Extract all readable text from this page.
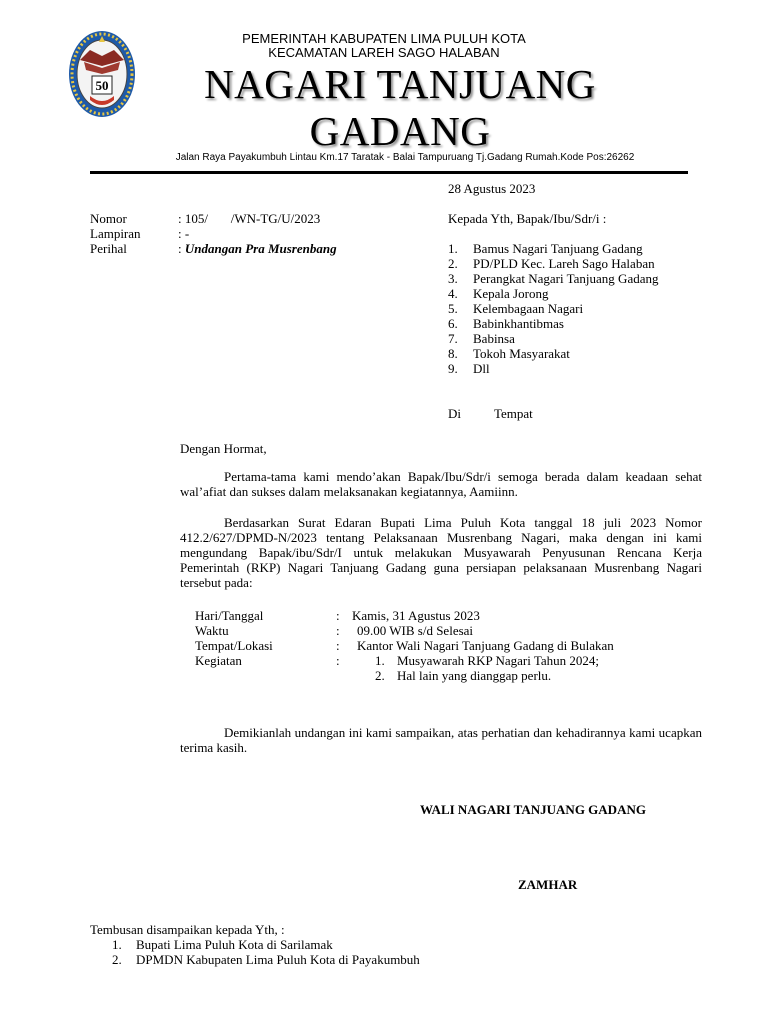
50
PEMERINTAH KABUPATEN LIMA PULUH KOTA
KECAMATAN LAREH SAGO HALABAN
NAGARI TANJUANG
GADANG
Jalan Raya Payakumbuh Lintau Km.17 Taratak - Balai Tampuruang Tj.Gadang Rumah.Kode Pos:26262
28 Agustus 2023
Nomor	: 105/       /WN-TG/U/2023
Lampiran	: -
Perihal	: Undangan Pra Musrenbang
Kepada Yth, Bapak/Ibu/Sdr/i :
1. Bamus Nagari Tanjuang Gadang
2. PD/PLD Kec. Lareh Sago Halaban
3. Perangkat Nagari Tanjuang Gadang
4. Kepala Jorong
5. Kelembagaan Nagari
6. Babinkhantibmas
7. Babinsa
8. Tokoh Masyarakat
9. Dll
Di	Tempat
Dengan Hormat,
Pertama-tama kami mendo’akan Bapak/Ibu/Sdr/i semoga berada dalam keadaan sehat wal’afiat dan sukses dalam melaksanakan kegiatannya, Aamiinn.
Berdasarkan Surat Edaran Bupati Lima Puluh Kota tanggal 18 juli 2023 Nomor 412.2/627/DPMD-N/2023 tentang Pelaksanaan Musrenbang Nagari, maka dengan ini kami mengundang Bapak/ibu/Sdr/I untuk melakukan Musyawarah Penyusunan Rencana Kerja Pemerintah (RKP) Nagari Tanjuang Gadang guna persiapan pelaksanaan Musrenbang Nagari tersebut pada:
Hari/Tanggal	: Kamis, 31 Agustus 2023
Waktu	: 09.00 WIB s/d Selesai
Tempat/Lokasi	: Kantor Wali Nagari Tanjuang Gadang di Bulakan
Kegiatan	:	1. Musyawarah RKP Nagari Tahun 2024;
2. Hal lain yang dianggap perlu.
Demikianlah undangan ini kami sampaikan, atas perhatian dan kehadirannya kami ucapkan terima kasih.
WALI NAGARI TANJUANG GADANG
ZAMHAR
Tembusan disampaikan kepada Yth, :
1. Bupati Lima Puluh Kota di Sarilamak
2. DPMDN Kabupaten Lima Puluh Kota di Payakumbuh
